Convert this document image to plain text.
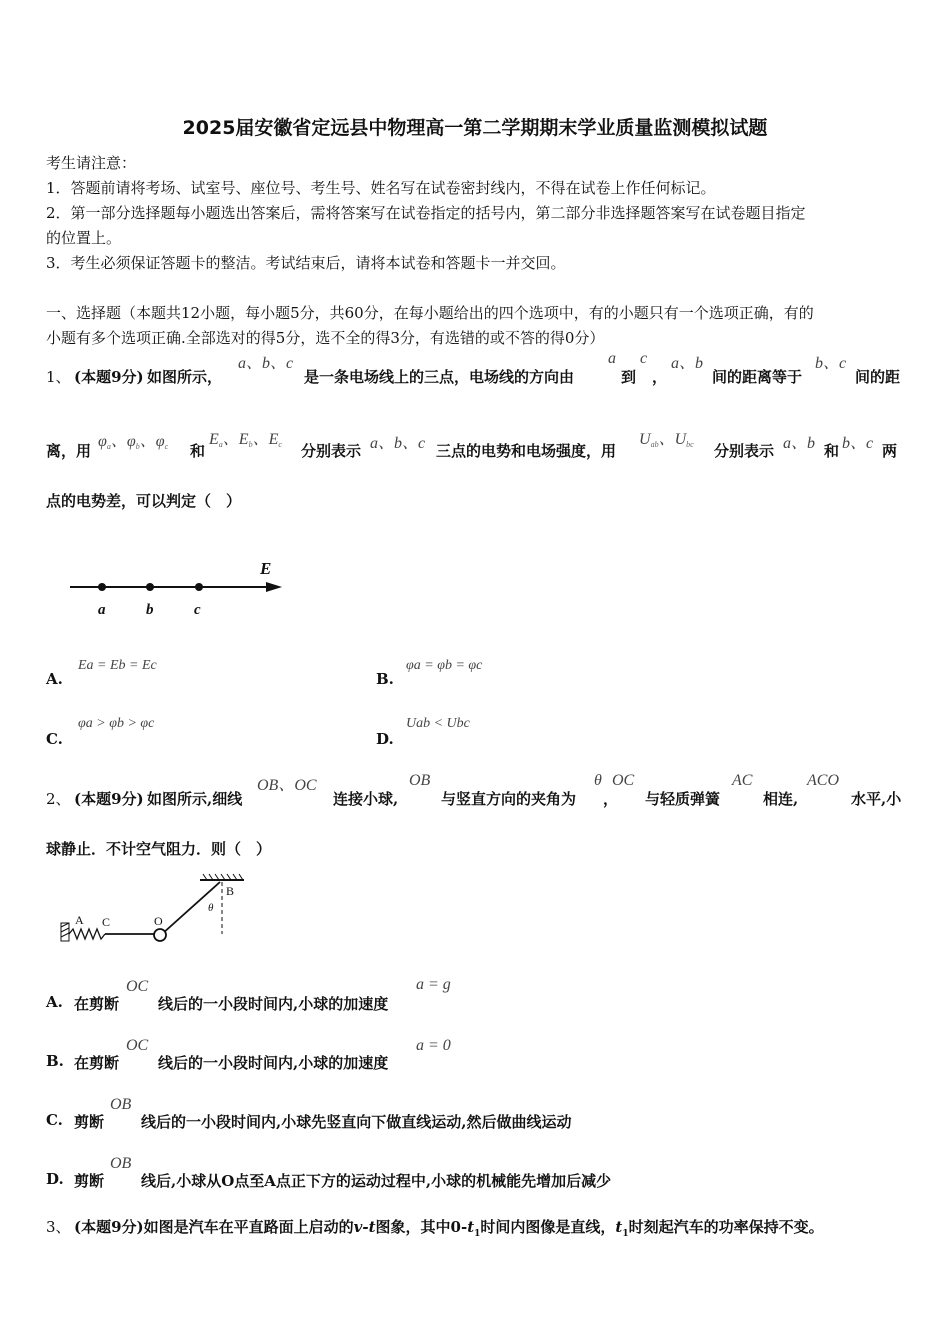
2025届安徽省定远县中物理高一第二学期期末学业质量监测模拟试题
考生请注意：
1．答题前请将考场、试室号、座位号、考生号、姓名写在试卷密封线内，不得在试卷上作任何标记。
2．第一部分选择题每小题选出答案后，需将答案写在试卷指定的括号内，第二部分非选择题答案写在试卷题目指定
的位置上。
3．考生必须保证答题卡的整洁。考试结束后，请将本试卷和答题卡一并交回。
一、选择题（本题共12小题，每小题5分，共60分，在每小题给出的四个选项中，有的小题只有一个选项正确，有的
小题有多个选项正确.全部选对的得5分，选不全的得3分，有选错的或不答的得0分）
1、 (本题9分) 如图所示，
a、b、c
是一条电场线上的三点，电场线的方向由
a
到
c
，
a、b
间的距离等于
b、c
间的距
离，用
$\varphi_a$、$\varphi_b$、$\varphi_c$ 和
$E_a$、$E_b$、$E_c$ 分别表示 a、b、c 三点的电势和电场强度，用
$U_{ab}$、$U_{bc}$ 分别表示 a、b 和 b、c 两
点的电势差，可以判定（　）
E
a	b	c
A.
Ea = Eb = Ec
B.
φa = φb = φc
C.
φa > φb > φc
D.
Uab < Ubc
2、 (本题9分) 如图所示,细线
OB、OC
连接小球,
OB
与竖直方向的夹角为
θ
，
OC
与轻质弹簧
AC
相连,
ACO
水平,小
球静止．不计空气阻力．则（　）
A C	O
B
θ
A. 在剪断
OC
线后的一小段时间内,小球的加速度
a = g
B. 在剪断
OC
线后的一小段时间内,小球的加速度
a = 0
C. 剪断
OB
线后的一小段时间内,小球先竖直向下做直线运动,然后做曲线运动
D. 剪断
OB
线后,小球从O点至A点正下方的运动过程中,小球的机械能先增加后减少
3、 (本题9分)如图是汽车在平直路面上启动的v-t图象，其中$0-t_1$时间内图像是直线，$t_1$时刻起汽车的功率保持不变。
